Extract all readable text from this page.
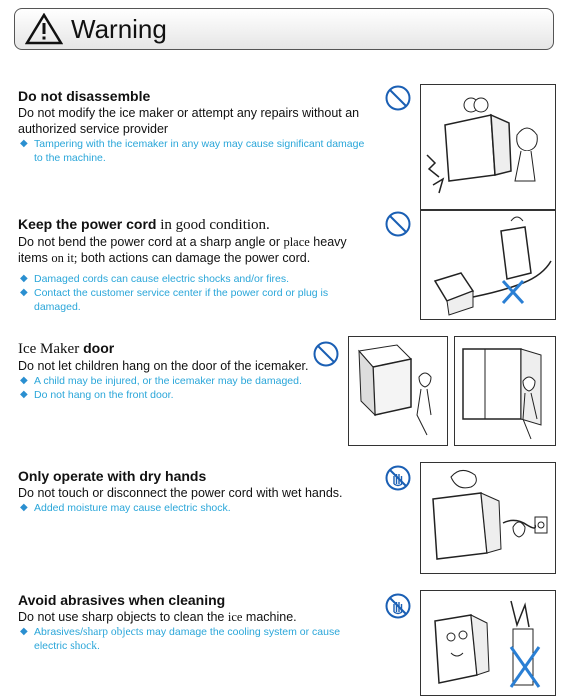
Warning
Do not disassemble
Do not modify the ice maker or attempt any repairs without an authorized service provider
◆ Tampering with the icemaker in any way may cause significant damage to the machine.
Keep the power cord in good condition.
Do not bend the power cord at a sharp angle or place heavy items on it; both actions can damage the power cord.
◆ Damaged cords can cause electric shocks and/or fires.
◆ Contact the customer service center if the power cord or plug is damaged.
Ice Maker door
Do not let children hang on the door of the icemaker.
◆ A child may be injured, or the icemaker may be damaged.
◆ Do not hang on the front door.
Only operate with dry hands
Do not touch or disconnect the power cord with wet hands.
◆ Added moisture may cause electric shock.
Avoid abrasives when cleaning
Do not use sharp objects to clean the ice machine.
◆ Abrasives/sharp objects may damage the cooling system or cause electric shock.
